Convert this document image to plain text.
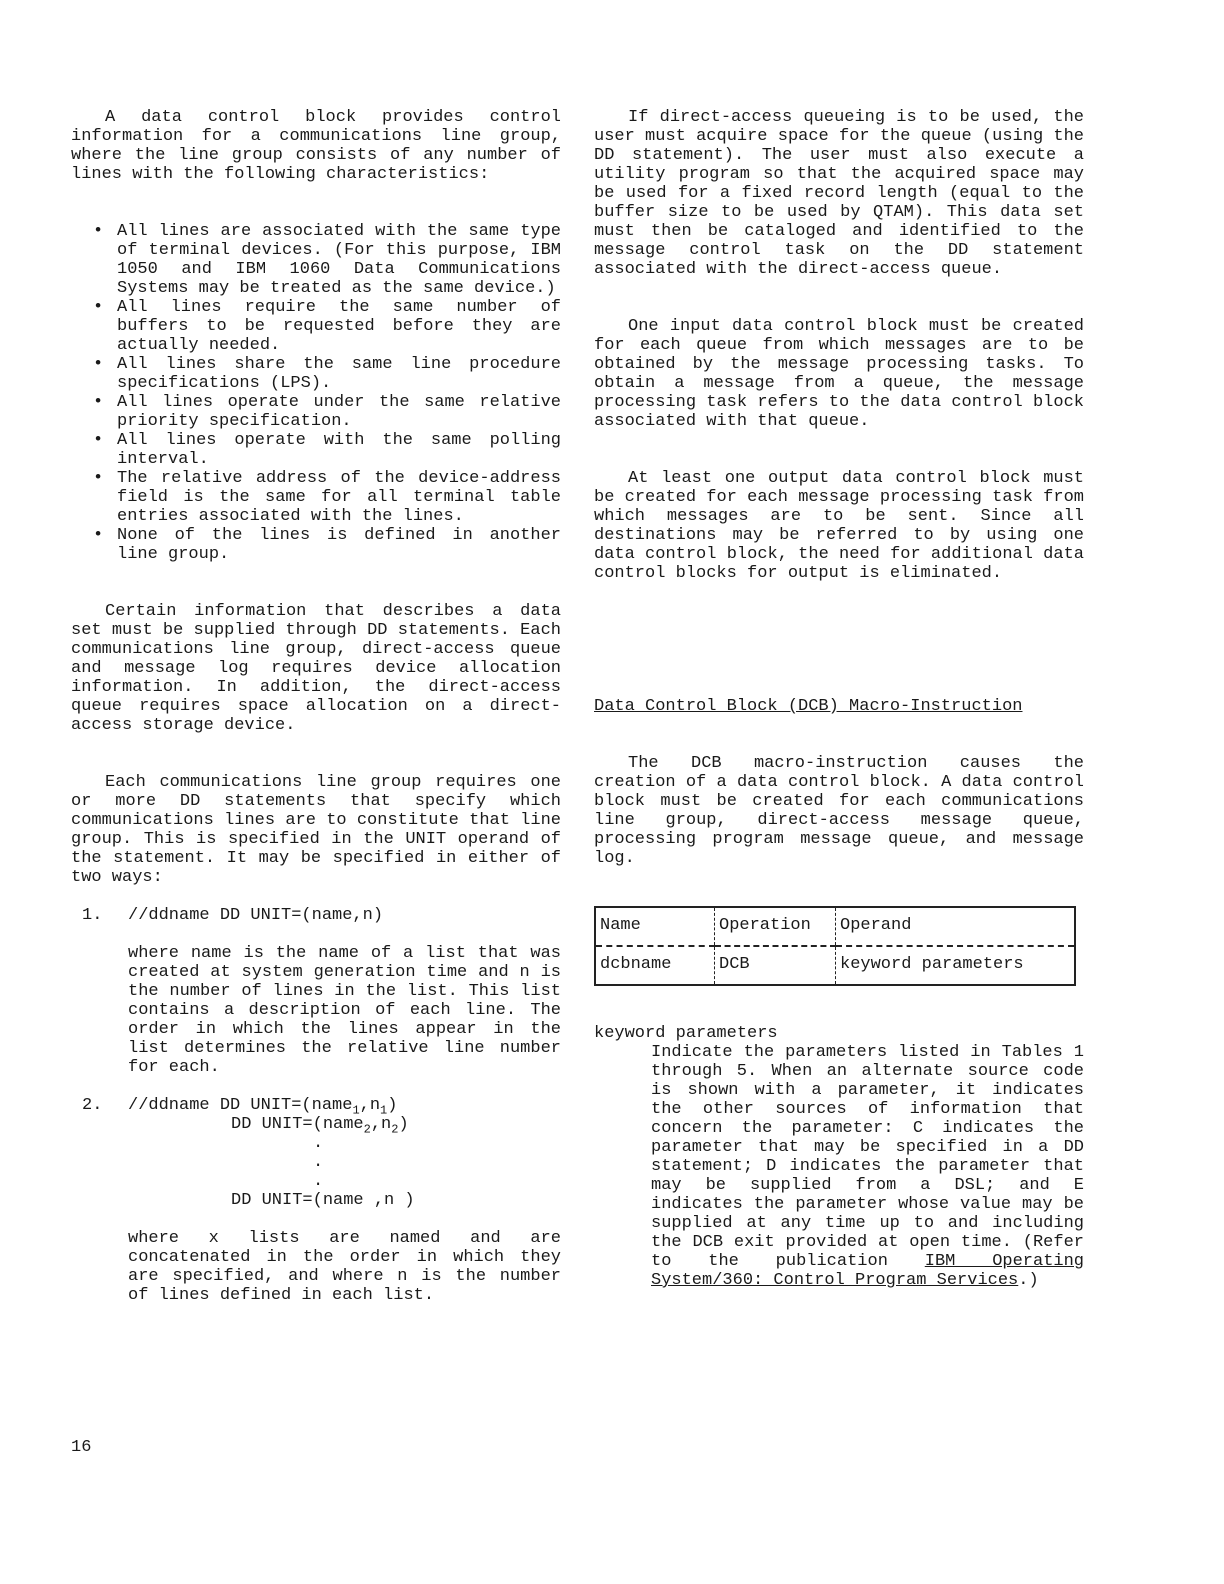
A data control block provides control information for a communications line group, where the line group consists of any number of lines with the following characteristics:

• All lines are associated with the same type of terminal devices. (For this purpose, IBM 1050 and IBM 1060 Data Communications Systems may be treated as the same device.)
• All lines require the same number of buffers to be requested before they are actually needed.
• All lines share the same line procedure specifications (LPS).
• All lines operate under the same relative priority specification.
• All lines operate with the same polling interval.
• The relative address of the device-address field is the same for all terminal table entries associated with the lines.
• None of the lines is defined in another line group.

Certain information that describes a data set must be supplied through DD statements. Each communications line group, direct-access queue and message log requires device allocation information. In addition, the direct-access queue requires space allocation on a direct-access storage device.

Each communications line group requires one or more DD statements that specify which communications lines are to constitute that line group. This is specified in the UNIT operand of the statement. It may be specified in either of two ways:

1. //ddname DD UNIT=(name,n)
where name is the name of a list that was created at system generation time and n is the number of lines in the list. This list contains a description of each line. The order in which the lines appear in the list determines the relative line number for each.
2. //ddname DD $UNIT=(name_1,n_1)$
DD $UNIT=(name_2,n_2)$
.
.
.
DD UNIT=(name ,n )
where x lists are named and are concatenated in the order in which they are specified, and where n is the number of lines defined in each list.

If direct-access queueing is to be used, the user must acquire space for the queue (using the DD statement). The user must also execute a utility program so that the acquired space may be used for a fixed record length (equal to the buffer size to be used by QTAM). This data set must then be cataloged and identified to the message control task on the DD statement associated with the direct-access queue.

One input data control block must be created for each queue from which messages are to be obtained by the message processing tasks. To obtain a message from a queue, the message processing task refers to the data control block associated with that queue.

At least one output data control block must be created for each message processing task from which messages are to be sent. Since all destinations may be referred to by using one data control block, the need for additional data control blocks for output is eliminated.

Data Control Block (DCB) Macro-Instruction

The DCB macro-instruction causes the creation of a data control block. A data control block must be created for each communications line group, direct-access message queue, processing program message queue, and message log.

Name	Operation	Operand
dcbname	DCB	keyword parameters
keyword parameters
Indicate the parameters listed in Tables 1 through 5. When an alternate source code is shown with a parameter, it indicates the other sources of information that concern the parameter: C indicates the parameter that may be specified in a DD statement; D indicates the parameter that may be supplied from a DSL; and E indicates the parameter whose value may be supplied at any time up to and including the DCB exit provided at open time. (Refer to the publication IBM Operating System/360: Control Program Services.)
16
